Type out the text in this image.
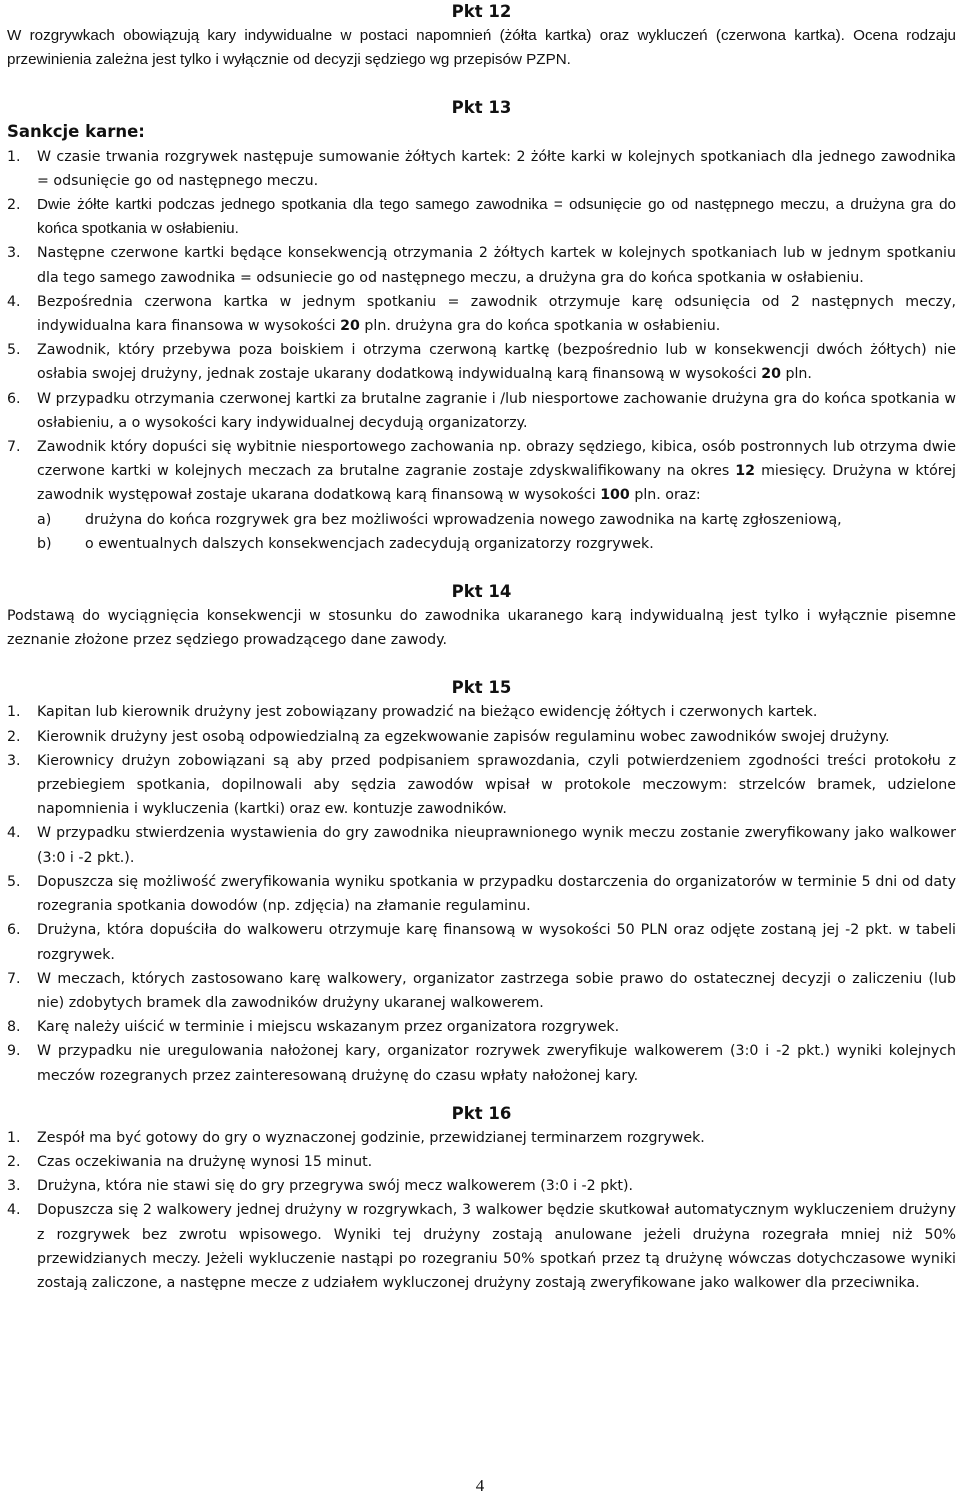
Pkt 12
W rozgrywkach obowiązują kary indywidualne w postaci napomnień (żółta kartka) oraz wykluczeń (czerwona kartka). Ocena rodzaju przewinienia zależna jest tylko i wyłącznie od decyzji sędziego wg przepisów PZPN.
Pkt 13
Sankcje karne:
1.	W czasie trwania rozgrywek następuje sumowanie żółtych kartek: 2 żółte karki w kolejnych spotkaniach dla jednego zawodnika = odsunięcie go od następnego meczu.
2.	Dwie żółte kartki podczas jednego spotkania dla tego samego zawodnika = odsunięcie go od następnego meczu, a drużyna gra do końca spotkania w osłabieniu.
3.	Następne czerwone kartki będące konsekwencją otrzymania 2 żółtych kartek w kolejnych spotkaniach lub w jednym spotkaniu dla tego samego zawodnika = odsuniecie go od następnego meczu, a drużyna gra do końca spotkania w osłabieniu.
4.	Bezpośrednia czerwona kartka w jednym spotkaniu = zawodnik otrzymuje karę odsunięcia od 2 następnych meczy, indywidualna kara finansowa w wysokości 20 pln. drużyna gra do końca spotkania w osłabieniu.
5.	Zawodnik, który przebywa poza boiskiem i otrzyma czerwoną kartkę (bezpośrednio lub w konsekwencji dwóch żółtych) nie osłabia swojej drużyny, jednak zostaje ukarany dodatkową indywidualną karą finansową w wysokości 20 pln.
6.	W przypadku otrzymania czerwonej kartki za brutalne zagranie i /lub niesportowe zachowanie drużyna gra do końca spotkania w osłabieniu, a o wysokości kary indywidualnej decydują organizatorzy.
7.	Zawodnik który dopuści się wybitnie niesportowego zachowania np. obrazy sędziego, kibica, osób postronnych lub otrzyma dwie czerwone kartki w kolejnych meczach za brutalne zagranie zostaje zdyskwalifikowany na okres 12 miesięcy. Drużyna w której zawodnik występował zostaje ukarana dodatkową karą finansową w wysokości 100 pln. oraz:
a)	drużyna do końca rozgrywek gra bez możliwości wprowadzenia nowego zawodnika na kartę zgłoszeniową,
b)	o ewentualnych dalszych konsekwencjach zadecydują organizatorzy rozgrywek.
Pkt 14
Podstawą do wyciągnięcia konsekwencji w stosunku do zawodnika ukaranego karą indywidualną jest tylko i wyłącznie pisemne zeznanie złożone przez sędziego prowadzącego dane zawody.
Pkt 15
1.	Kapitan lub kierownik drużyny jest zobowiązany prowadzić na bieżąco ewidencję żółtych i czerwonych kartek.
2.	Kierownik drużyny jest osobą odpowiedzialną za egzekwowanie zapisów regulaminu wobec zawodników swojej drużyny.
3.	Kierownicy drużyn zobowiązani są aby przed podpisaniem sprawozdania, czyli potwierdzeniem zgodności treści protokołu z przebiegiem spotkania, dopilnowali aby sędzia zawodów wpisał w protokole meczowym: strzelców bramek, udzielone napomnienia i wykluczenia (kartki) oraz ew. kontuzje zawodników.
4.	W przypadku stwierdzenia wystawienia do gry zawodnika nieuprawnionego wynik meczu zostanie zweryfikowany jako walkower (3:0 i -2 pkt.).
5.	Dopuszcza się możliwość zweryfikowania wyniku spotkania w przypadku dostarczenia do organizatorów w terminie 5 dni od daty rozegrania spotkania dowodów (np. zdjęcia) na złamanie regulaminu.
6.	Drużyna, która dopuściła do walkoweru otrzymuje karę finansową w wysokości 50 PLN oraz odjęte zostaną jej -2 pkt. w tabeli rozgrywek.
7.	W meczach, których zastosowano karę walkowery, organizator zastrzega sobie prawo do ostatecznej decyzji o zaliczeniu (lub nie) zdobytych bramek dla zawodników drużyny ukaranej walkowerem.
8.	Karę należy uiścić w terminie i miejscu wskazanym przez organizatora rozgrywek.
9.	W przypadku nie uregulowania nałożonej kary, organizator rozrywek zweryfikuje walkowerem (3:0 i -2 pkt.) wyniki kolejnych meczów rozegranych przez zainteresowaną drużynę do czasu wpłaty nałożonej kary.
Pkt 16
1.	Zespół ma być gotowy do gry o wyznaczonej godzinie, przewidzianej terminarzem rozgrywek.
2.	Czas oczekiwania na drużynę wynosi 15 minut.
3.	Drużyna, która nie stawi się do gry przegrywa swój mecz walkowerem (3:0 i -2 pkt).
4.	Dopuszcza się 2 walkowery jednej drużyny w rozgrywkach, 3 walkower będzie skutkował automatycznym wykluczeniem drużyny z rozgrywek bez zwrotu wpisowego. Wyniki tej drużyny zostają anulowane jeżeli drużyna rozegrała mniej niż 50% przewidzianych meczy. Jeżeli wykluczenie nastąpi po rozegraniu 50% spotkań przez tą drużynę wówczas dotychczasowe wyniki zostają zaliczone, a następne mecze z udziałem wykluczonej drużyny zostają zweryfikowane jako walkower dla przeciwnika.
4
